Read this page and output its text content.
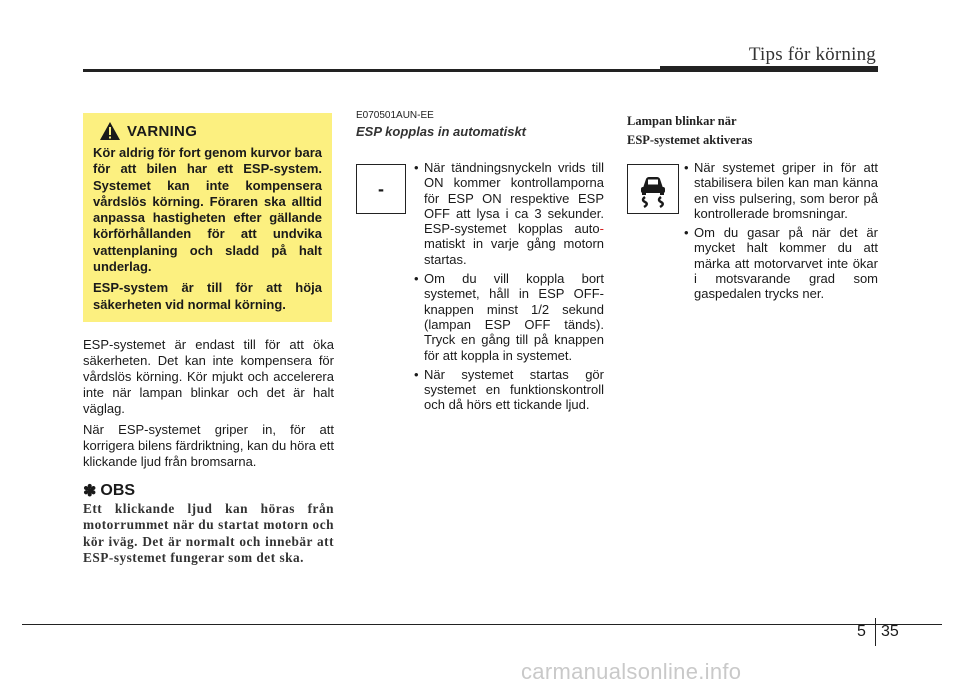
Tips för körning
VARNING

Kör aldrig för fort genom kurvor bara för att bilen har ett ESP-system. Systemet kan inte kompensera vårdslös körning. Föraren ska alltid anpassa hastigheten efter gällande körförhållanden för att undvika vattenplaning och sladd på halt underlag.

ESP-system är till för att höja säkerheten vid normal körning.

ESP-systemet är endast till för att öka säkerheten. Det kan inte kompensera för vårdslös körning. Kör mjukt och accelerera inte när lampan blinkar och det är halt väglag.

När ESP-systemet griper in, för att korrigera bilens färdriktning, kan du höra ett klickande ljud från bromsarna.

✽ OBS
Ett klickande ljud kan höras från motorrummet när du startat motorn och kör iväg. Det är normalt och innebär att ESP-systemet fungerar som det ska.
E070501AUN-EE
ESP kopplas in automatiskt
-
• När tändningsnyckeln vrids till ON kommer kontrollamporna för ESP ON respektive ESP OFF att lysa i ca 3 sekunder. ESP-systemet kopplas auto- matiskt in varje gång motorn startas.
• Om du vill koppla bort systemet, håll in ESP OFF-knappen minst 1/2 sekund (lampan ESP OFF tänds). Tryck en gång till på knappen för att koppla in systemet.
• När systemet startas gör systemet en funktionskontroll och då hörs ett tickande ljud.
Lampan blinkar när
ESP-systemet aktiveras
• När systemet griper in för att stabilisera bilen kan man känna en viss pulsering, som beror på kontrollerade bromsningar.
• Om du gasar på när det är mycket halt kommer du att märka att motorvarvet inte ökar i motsvarande grad som gaspedalen trycks ner.
5 35
carmanualsonline.info
